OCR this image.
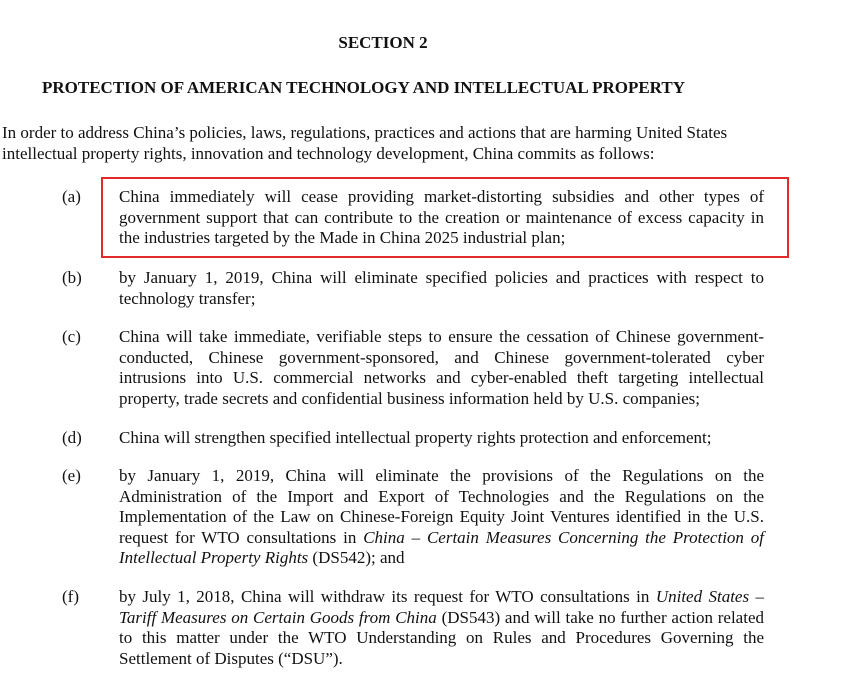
SECTION 2
PROTECTION OF AMERICAN TECHNOLOGY AND INTELLECTUAL PROPERTY
In order to address China’s policies, laws, regulations, practices and actions that are harming United States intellectual property rights, innovation and technology development, China commits as follows:
(a) China immediately will cease providing market-distorting subsidies and other types of government support that can contribute to the creation or maintenance of excess capacity in the industries targeted by the Made in China 2025 industrial plan;
(b) by January 1, 2019, China will eliminate specified policies and practices with respect to technology transfer;
(c) China will take immediate, verifiable steps to ensure the cessation of Chinese government-conducted, Chinese government-sponsored, and Chinese government-tolerated cyber intrusions into U.S. commercial networks and cyber-enabled theft targeting intellectual property, trade secrets and confidential business information held by U.S. companies;
(d) China will strengthen specified intellectual property rights protection and enforcement;
(e) by January 1, 2019, China will eliminate the provisions of the Regulations on the Administration of the Import and Export of Technologies and the Regulations on the Implementation of the Law on Chinese-Foreign Equity Joint Ventures identified in the U.S. request for WTO consultations in China – Certain Measures Concerning the Protection of Intellectual Property Rights (DS542); and
(f) by July 1, 2018, China will withdraw its request for WTO consultations in United States – Tariff Measures on Certain Goods from China (DS543) and will take no further action related to this matter under the WTO Understanding on Rules and Procedures Governing the Settlement of Disputes (“DSU”).
